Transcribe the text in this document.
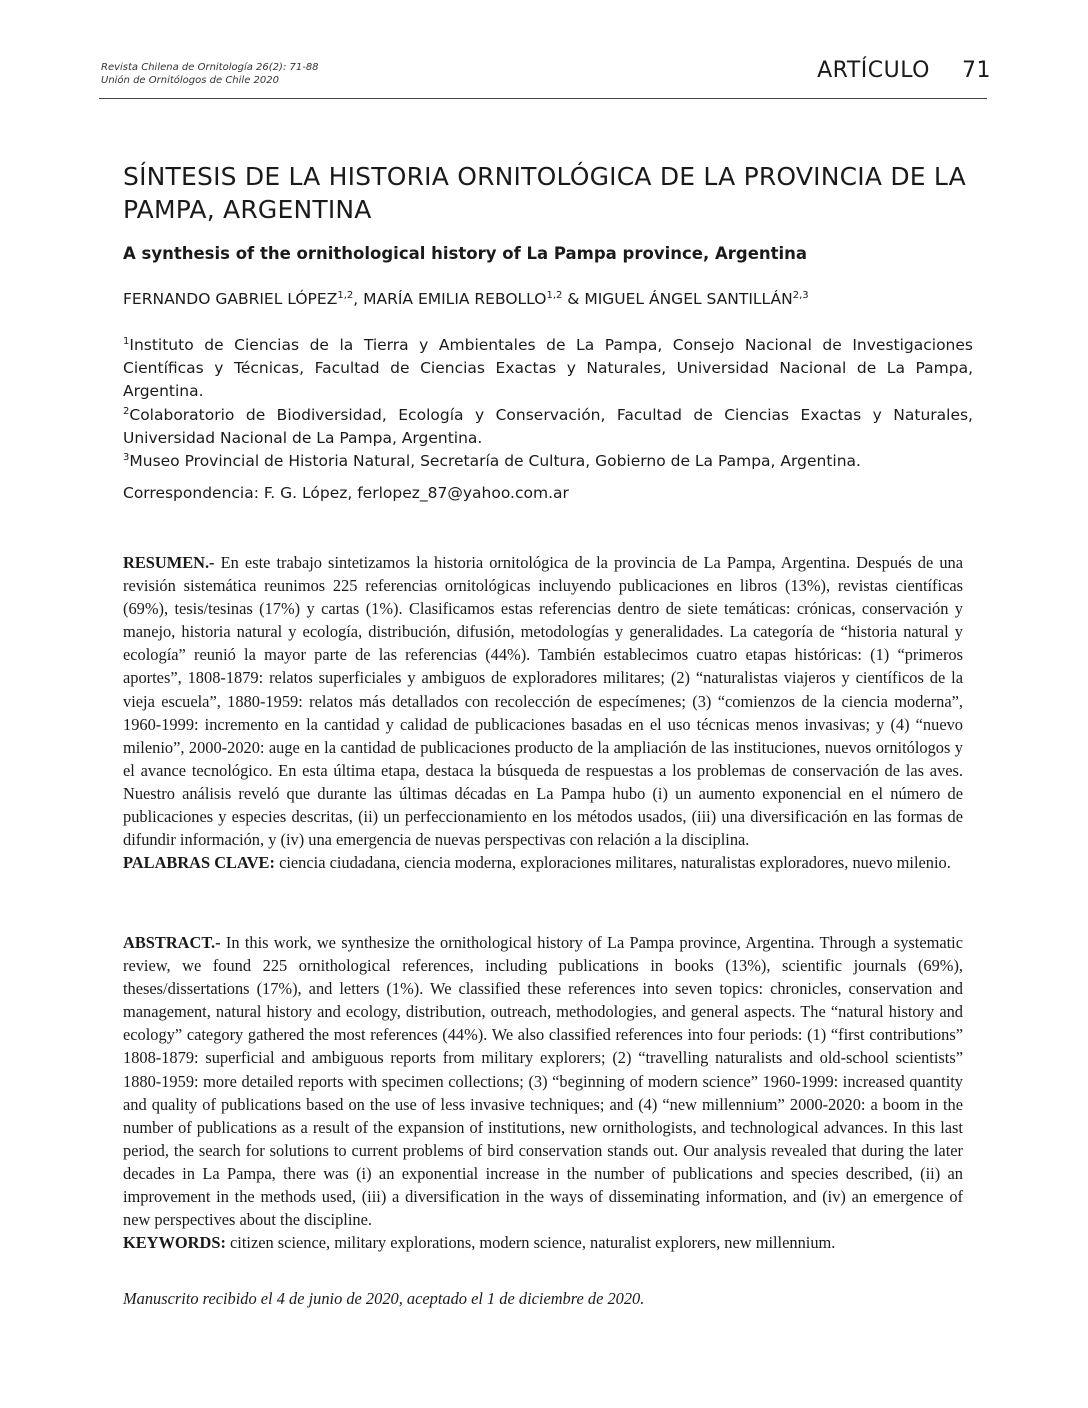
Revista Chilena de Ornitología 26(2): 71-88
Unión de Ornitólogos de Chile 2020	ARTÍCULO 71
SÍNTESIS DE LA HISTORIA ORNITOLÓGICA DE LA PROVINCIA DE LA PAMPA, ARGENTINA
A synthesis of the ornithological history of La Pampa province, Argentina
FERNANDO GABRIEL LÓPEZ$^{1,2}$, MARÍA EMILIA REBOLLO$^{1,2}$ & MIGUEL ÁNGEL SANTILLÁN$^{2,3}$

$^1$Instituto de Ciencias de la Tierra y Ambientales de La Pampa, Consejo Nacional de Investigaciones Científicas y Técnicas, Facultad de Ciencias Exactas y Naturales, Universidad Nacional de La Pampa, Argentina.

$^2$Colaboratorio de Biodiversidad, Ecología y Conservación, Facultad de Ciencias Exactas y Naturales, Universidad Nacional de La Pampa, Argentina.

$^3$Museo Provincial de Historia Natural, Secretaría de Cultura, Gobierno de La Pampa, Argentina.

Correspondencia: F. G. López, ferlopez_87@yahoo.com.ar
RESUMEN.- En este trabajo sintetizamos la historia ornitológica de la provincia de La Pampa, Argentina. Después de una revisión sistemática reunimos 225 referencias ornitológicas incluyendo publicaciones en libros (13%), revistas científicas (69%), tesis/tesinas (17%) y cartas (1%). Clasificamos estas referencias dentro de siete temáticas: crónicas, conservación y manejo, historia natural y ecología, distribución, difusión, metodologías y generalidades. La categoría de “historia natural y ecología” reunió la mayor parte de las referencias (44%). También establecimos cuatro etapas históricas: (1) “primeros aportes”, 1808-1879: relatos superficiales y ambiguos de exploradores militares; (2) “naturalistas viajeros y científicos de la vieja escuela”, 1880-1959: relatos más detallados con recolección de especímenes; (3) “comienzos de la ciencia moderna”, 1960-1999: incremento en la cantidad y calidad de publicaciones basadas en el uso técnicas menos invasivas; y (4) “nuevo milenio”, 2000-2020: auge en la cantidad de publicaciones producto de la ampliación de las instituciones, nuevos ornitólogos y el avance tecnológico. En esta última etapa, destaca la búsqueda de respuestas a los problemas de conservación de las aves. Nuestro análisis reveló que durante las últimas décadas en La Pampa hubo (i) un aumento exponencial en el número de publicaciones y especies descritas, (ii) un perfeccionamiento en los métodos usados, (iii) una diversificación en las formas de difundir información, y (iv) una emergencia de nuevas perspectivas con relación a la disciplina.
PALABRAS CLAVE: ciencia ciudadana, ciencia moderna, exploraciones militares, naturalistas exploradores, nuevo milenio.
ABSTRACT.- In this work, we synthesize the ornithological history of La Pampa province, Argentina. Through a systematic review, we found 225 ornithological references, including publications in books (13%), scientific journals (69%), theses/dissertations (17%), and letters (1%). We classified these references into seven topics: chronicles, conservation and management, natural history and ecology, distribution, outreach, methodologies, and general aspects. The “natural history and ecology” category gathered the most references (44%). We also classified references into four periods: (1) “first contributions” 1808-1879: superficial and ambiguous reports from military explorers; (2) “travelling naturalists and old-school scientists” 1880-1959: more detailed reports with specimen collections; (3) “beginning of modern science” 1960-1999: increased quantity and quality of publications based on the use of less invasive techniques; and (4) “new millennium” 2000-2020: a boom in the number of publications as a result of the expansion of institutions, new ornithologists, and technological advances. In this last period, the search for solutions to current problems of bird conservation stands out. Our analysis revealed that during the later decades in La Pampa, there was (i) an exponential increase in the number of publications and species described, (ii) an improvement in the methods used, (iii) a diversification in the ways of disseminating information, and (iv) an emergence of new perspectives about the discipline.
KEYWORDS: citizen science, military explorations, modern science, naturalist explorers, new millennium.
Manuscrito recibido el 4 de junio de 2020, aceptado el 1 de diciembre de 2020.
